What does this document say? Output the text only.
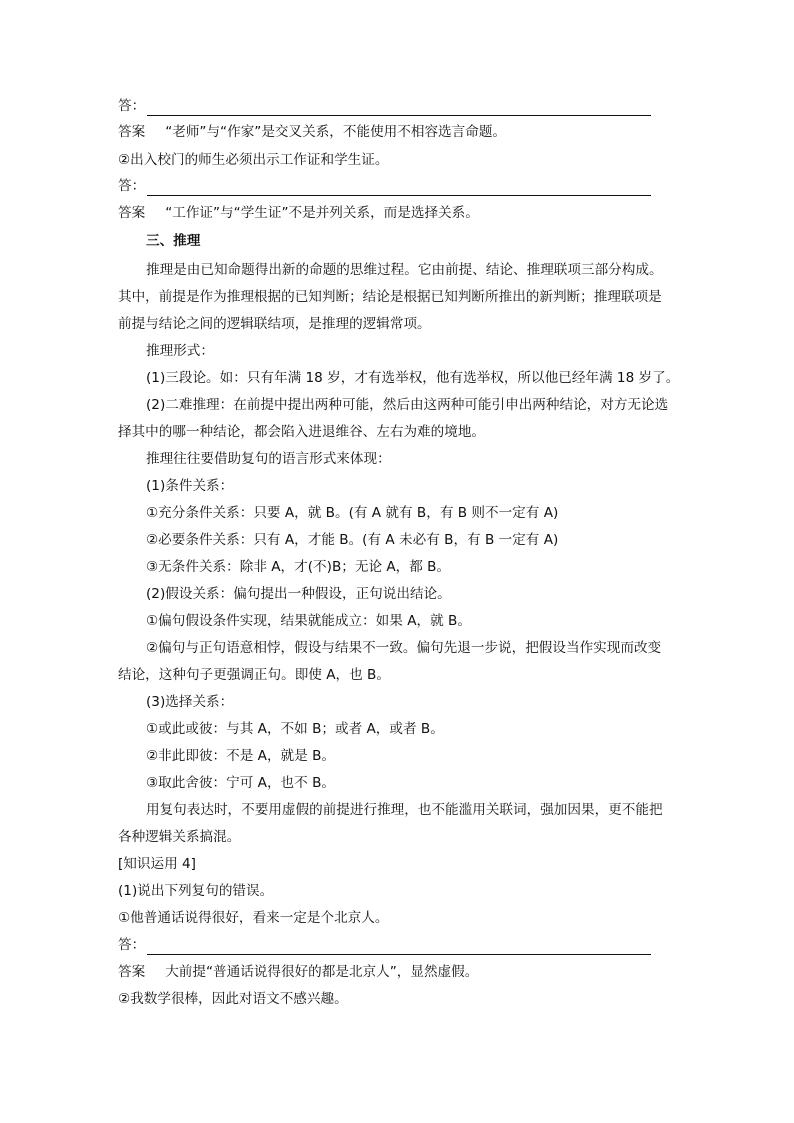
答：
答案 “老师”与“作家”是交叉关系，不能使用不相容选言命题。
②出入校门的师生必须出示工作证和学生证。
答：
答案 “工作证”与“学生证”不是并列关系，而是选择关系。
三、推理
推理是由已知命题得出新的命题的思维过程。它由前提、结论、推理联项三部分构成。
其中，前提是作为推理根据的已知判断；结论是根据已知判断所推出的新判断；推理联项是
前提与结论之间的逻辑联结项，是推理的逻辑常项。
推理形式：
(1)三段论。如：只有年满 18 岁，才有选举权，他有选举权，所以他已经年满 18 岁了。
(2)二难推理：在前提中提出两种可能，然后由这两种可能引申出两种结论，对方无论选
择其中的哪一种结论，都会陷入进退维谷、左右为难的境地。
推理往往要借助复句的语言形式来体现：
(1)条件关系：
①充分条件关系：只要 A，就 B。(有 A 就有 B，有 B 则不一定有 A)
②必要条件关系：只有 A，才能 B。(有 A 未必有 B，有 B 一定有 A)
③无条件关系：除非 A，才(不)B；无论 A，都 B。
(2)假设关系：偏句提出一种假设，正句说出结论。
①偏句假设条件实现，结果就能成立：如果 A，就 B。
②偏句与正句语意相悖，假设与结果不一致。偏句先退一步说，把假设当作实现而改变
结论，这种句子更强调正句。即使 A，也 B。
(3)选择关系：
①或此或彼：与其 A，不如 B；或者 A，或者 B。
②非此即彼：不是 A，就是 B。
③取此舍彼：宁可 A，也不 B。
用复句表达时，不要用虚假的前提进行推理，也不能滥用关联词，强加因果，更不能把
各种逻辑关系搞混。
[知识运用 4]
(1)说出下列复句的错误。
①他普通话说得很好，看来一定是个北京人。
答：
答案 大前提“普通话说得很好的都是北京人”，显然虚假。
②我数学很棒，因此对语文不感兴趣。
